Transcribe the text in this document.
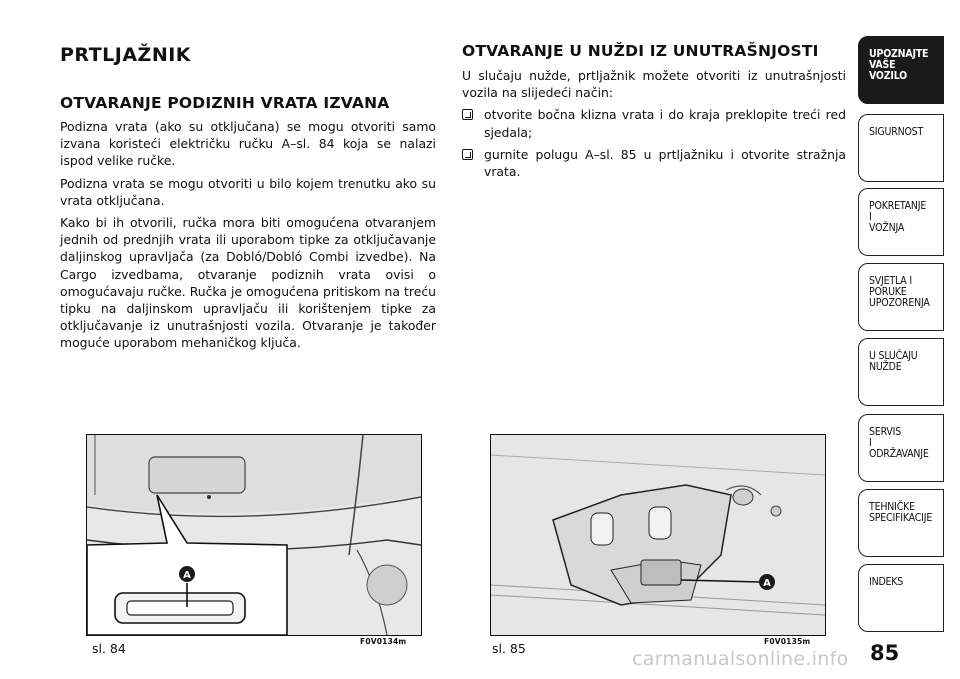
PRTLJAŽNIK
OTVARANJE PODIZNIH VRATA IZVANA

Podizna vrata (ako su otključana) se mogu otvoriti samo izvana koristeći električku ručku A–sl. 84 koja se nalazi ispod velike ručke.

Podizna vrata se mogu otvoriti u bilo kojem trenutku ako su vrata otključana.

Kako bi ih otvorili, ručka mora biti omogućena otvaranjem jednih od prednjih vrata ili uporabom tipke za otključavanje daljinskog upravljača (za Dobló/Dobló Combi izvedbe). Na Cargo izvedbama, otvaranje podiznih vrata ovisi o omogućavaju ručke. Ručka je omogućena pritiskom na treću tipku na daljinskom upravljaču ili korištenjem tipke za otključavanje iz unutrašnjosti vozila. Otvaranje je također moguće uporabom mehaničkog ključa.

OTVARANJE U NUŽDI IZ UNUTRAŠNJOSTI

U slučaju nužde, prtljažnik možete otvoriti iz unutrašnjosti vozila na slijedeći način:

otvorite bočna klizna vrata i do kraja preklopite treći red sjedala;

gurnite polugu A–sl. 85 u prtljažniku i otvorite stražnja vrata.

A
sl. 84	F0V0134m
A
sl. 85	F0V0135m
UPOZNAJTE
VAŠE
VOZILO
SIGURNOST
POKRETANJE
I
VOŽNJA
SVJETLA I
PORUKE
UPOZORENJA
U SLUČAJU
NUŽDE
SERVIS
I
ODRŽAVANJE
TEHNIČKE
SPECIFIKACIJE
INDEKS
85
carmanualsonline.info
